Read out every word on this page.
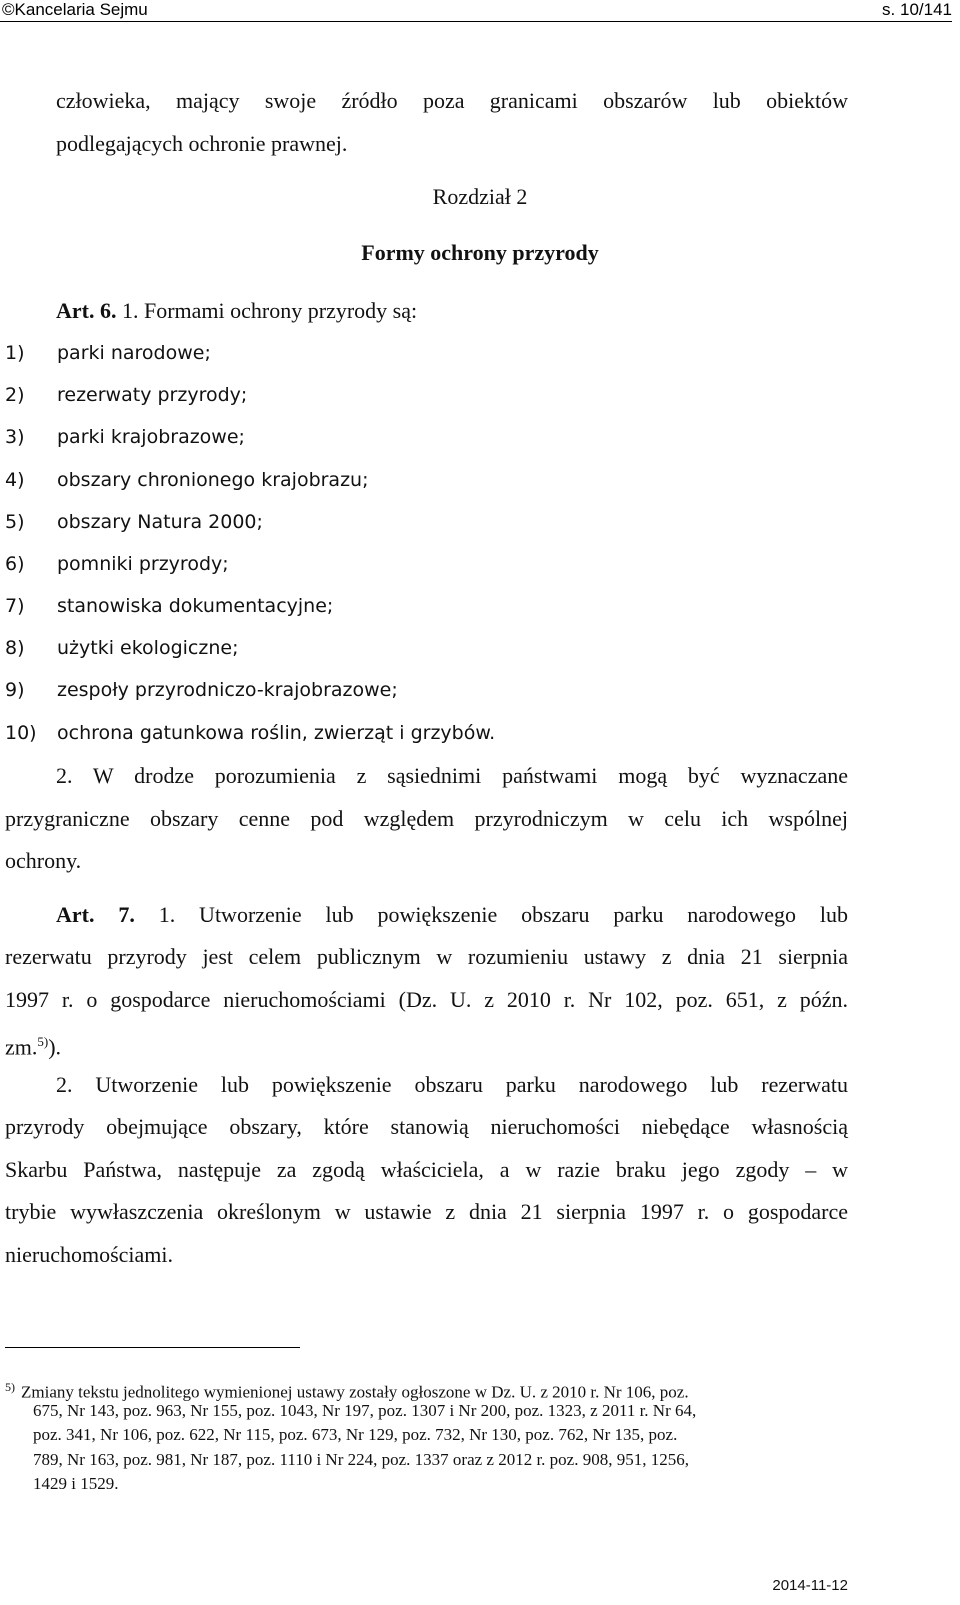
©Kancelaria Sejmu	s. 10/141
człowieka, mający swoje źródło poza granicami obszarów lub obiektów
podlegających ochronie prawnej.
Rozdział 2
Formy ochrony przyrody
Art. 6. 1. Formami ochrony przyrody są:
1) parki narodowe;
2) rezerwaty przyrody;
3) parki krajobrazowe;
4) obszary chronionego krajobrazu;
5) obszary Natura 2000;
6) pomniki przyrody;
7) stanowiska dokumentacyjne;
8) użytki ekologiczne;
9) zespoły przyrodniczo-krajobrazowe;
10) ochrona gatunkowa roślin, zwierząt i grzybów.
2. W drodze porozumienia z sąsiednimi państwami mogą być wyznaczane
przygraniczne obszary cenne pod względem przyrodniczym w celu ich wspólnej
ochrony.
Art. 7. 1. Utworzenie lub powiększenie obszaru parku narodowego lub
rezerwatu przyrody jest celem publicznym w rozumieniu ustawy z dnia 21 sierpnia
1997 r. o gospodarce nieruchomościami (Dz. U. z 2010 r. Nr 102, poz. 651, z późn.
zm.$^{5)}$).
2. Utworzenie lub powiększenie obszaru parku narodowego lub rezerwatu
przyrody obejmujące obszary, które stanowią nieruchomości niebędące własnością
Skarbu Państwa, następuje za zgodą właściciela, a w razie braku jego zgody – w
trybie wywłaszczenia określonym w ustawie z dnia 21 sierpnia 1997 r. o gospodarce
nieruchomościami.
$^{5)}$ Zmiany tekstu jednolitego wymienionej ustawy zostały ogłoszone w Dz. U. z 2010 r. Nr 106, poz.
675, Nr 143, poz. 963, Nr 155, poz. 1043, Nr 197, poz. 1307 i Nr 200, poz. 1323, z 2011 r. Nr 64,
poz. 341, Nr 106, poz. 622, Nr 115, poz. 673, Nr 129, poz. 732, Nr 130, poz. 762, Nr 135, poz.
789, Nr 163, poz. 981, Nr 187, poz. 1110 i Nr 224, poz. 1337 oraz z 2012 r. poz. 908, 951, 1256,
1429 i 1529.
2014-11-12
